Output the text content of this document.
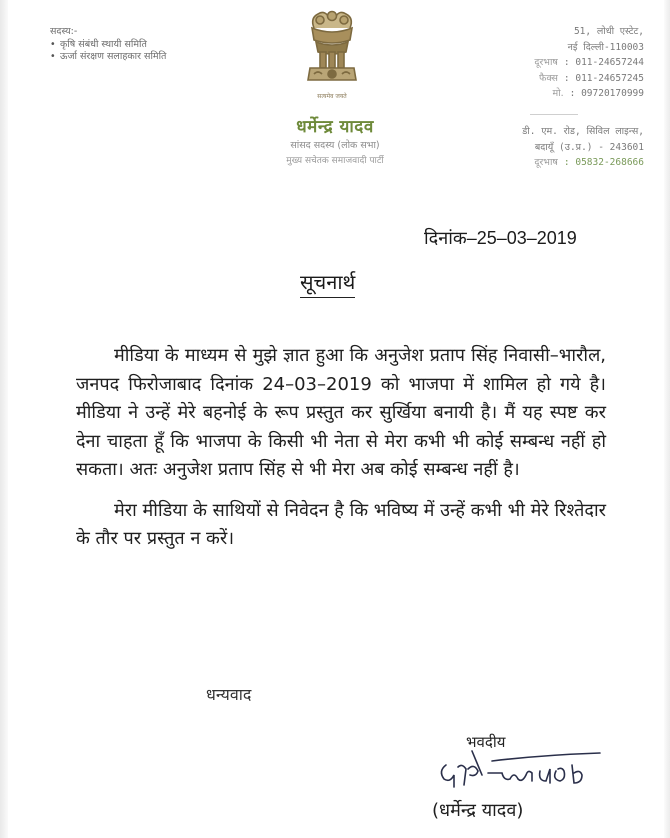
सदस्य:-
• कृषि संबंधी स्थायी समिति
• ऊर्जा संरक्षण सलाहकार समिति
सत्यमेव जयते
धर्मेन्द्र यादव
सांसद सदस्य (लोक सभा)
मुख्य सचेतक समाजवादी पार्टी
51, लोधी एस्टेट,
नई दिल्ली-110003
दूरभाष : 011-24657244
फैक्स : 011-24657245
मो. : 09720170999
डी. एम. रोड, सिविल लाइन्स,
बदायूँ (उ.प्र.) - 243601
दूरभाष : 05832-268666
दिनांक–25–03–2019
सूचनार्थ

मीडिया के माध्यम से मुझे ज्ञात हुआ कि अनुजेश प्रताप सिंह निवासी–भारौल, जनपद फिरोजाबाद दिनांक 24–03–2019 को भाजपा में शामिल हो गये है। मीडिया ने उन्हें मेरे बहनोई के रूप प्रस्तुत कर सुर्खिया बनायी है। मैं यह स्पष्ट कर देना चाहता हूँ कि भाजपा के किसी भी नेता से मेरा कभी भी कोई सम्बन्ध नहीं हो सकता। अतः अनुजेश प्रताप सिंह से भी मेरा अब कोई सम्बन्ध नहीं है।

मेरा मीडिया के साथियों से निवेदन है कि भविष्य में उन्हें कभी भी मेरे रिश्तेदार के तौर पर प्रस्तुत न करें।

धन्यवाद
भवदीय
(धर्मेन्द्र यादव)
